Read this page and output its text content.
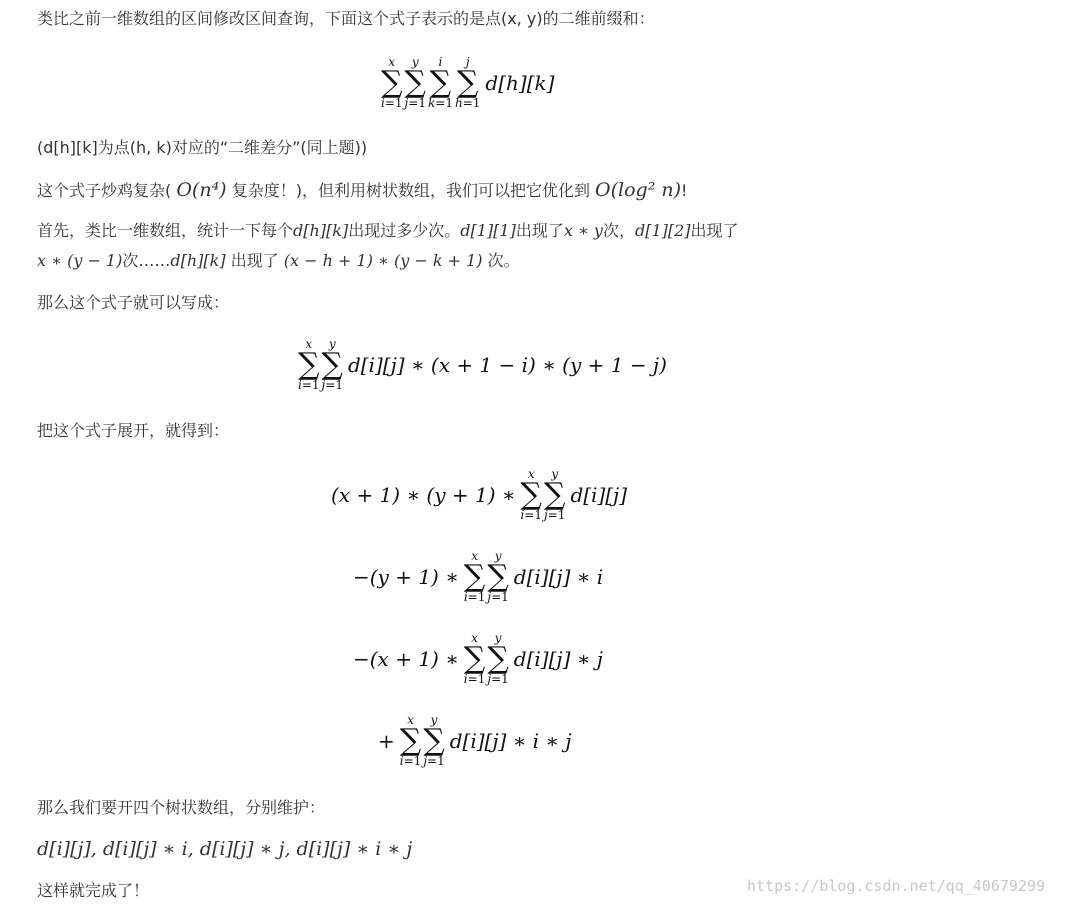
类比之前一维数组的区间修改区间查询，下面这个式子表示的是点(x, y)的二维前缀和：
x
∑
i=1
y
∑
j=1
i
∑
k=1
j
∑
h=1
d[h][k]
(d[h][k]为点(h, k)对应的“二维差分”(同上题))
这个式子炒鸡复杂( O(n⁴) 复杂度！)，但利用树状数组，我们可以把它优化到 O(log² n)!
首先，类比一维数组，统计一下每个d[h][k]出现过多少次。d[1][1]出现了x ∗ y次，d[1][2]出现了
x ∗ (y − 1)次……d[h][k] 出现了 (x − h + 1) ∗ (y − k + 1) 次。
那么这个式子就可以写成：
x
∑
i=1
y
∑
j=1
d[i][j] ∗ (x + 1 − i) ∗ (y + 1 − j)
把这个式子展开，就得到：
(x + 1) ∗ (y + 1) ∗
x
∑
i=1
y
∑
j=1
d[i][j]
−(y + 1) ∗
x
∑
i=1
y
∑
j=1
d[i][j] ∗ i
−(x + 1) ∗
x
∑
i=1
y
∑
j=1
d[i][j] ∗ j
+
x
∑
i=1
y
∑
j=1
d[i][j] ∗ i ∗ j
那么我们要开四个树状数组，分别维护：
d[i][j], d[i][j] ∗ i, d[i][j] ∗ j, d[i][j] ∗ i ∗ j
这样就完成了！	https://blog.csdn.net/qq_40679299
